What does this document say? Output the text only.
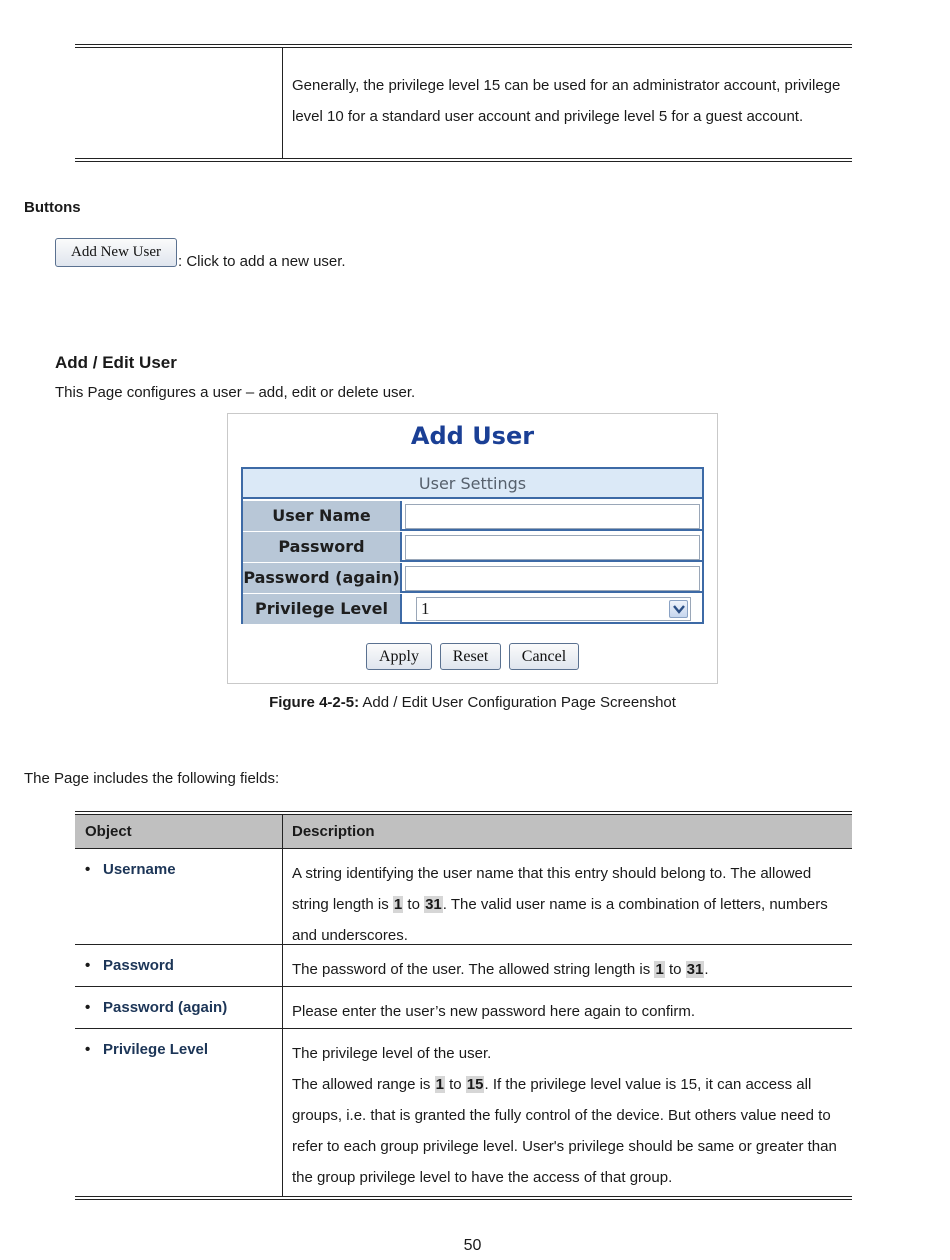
Generally, the privilege level 15 can be used for an administrator account, privilege level 10 for a standard user account and privilege level 5 for a guest account.
Buttons
Add New User
: Click to add a new user.
Add / Edit User
This Page configures a user – add, edit or delete user.
Add User
User Settings
User Name
Password
Password (again)
Privilege Level	1
Apply	Reset	Cancel
Figure 4-2-5: Add / Edit User Configuration Page Screenshot
The Page includes the following fields:
Object	Description
• Username	A string identifying the user name that this entry should belong to. The allowed string length is 1 to 31. The valid user name is a combination of letters, numbers and underscores.
• Password	The password of the user. The allowed string length is 1 to 31.
• Password (again)	Please enter the user’s new password here again to confirm.
• Privilege Level	The privilege level of the user.
The allowed range is 1 to 15. If the privilege level value is 15, it can access all groups, i.e. that is granted the fully control of the device. But others value need to refer to each group privilege level. User's privilege should be same or greater than the group privilege level to have the access of that group.
50
